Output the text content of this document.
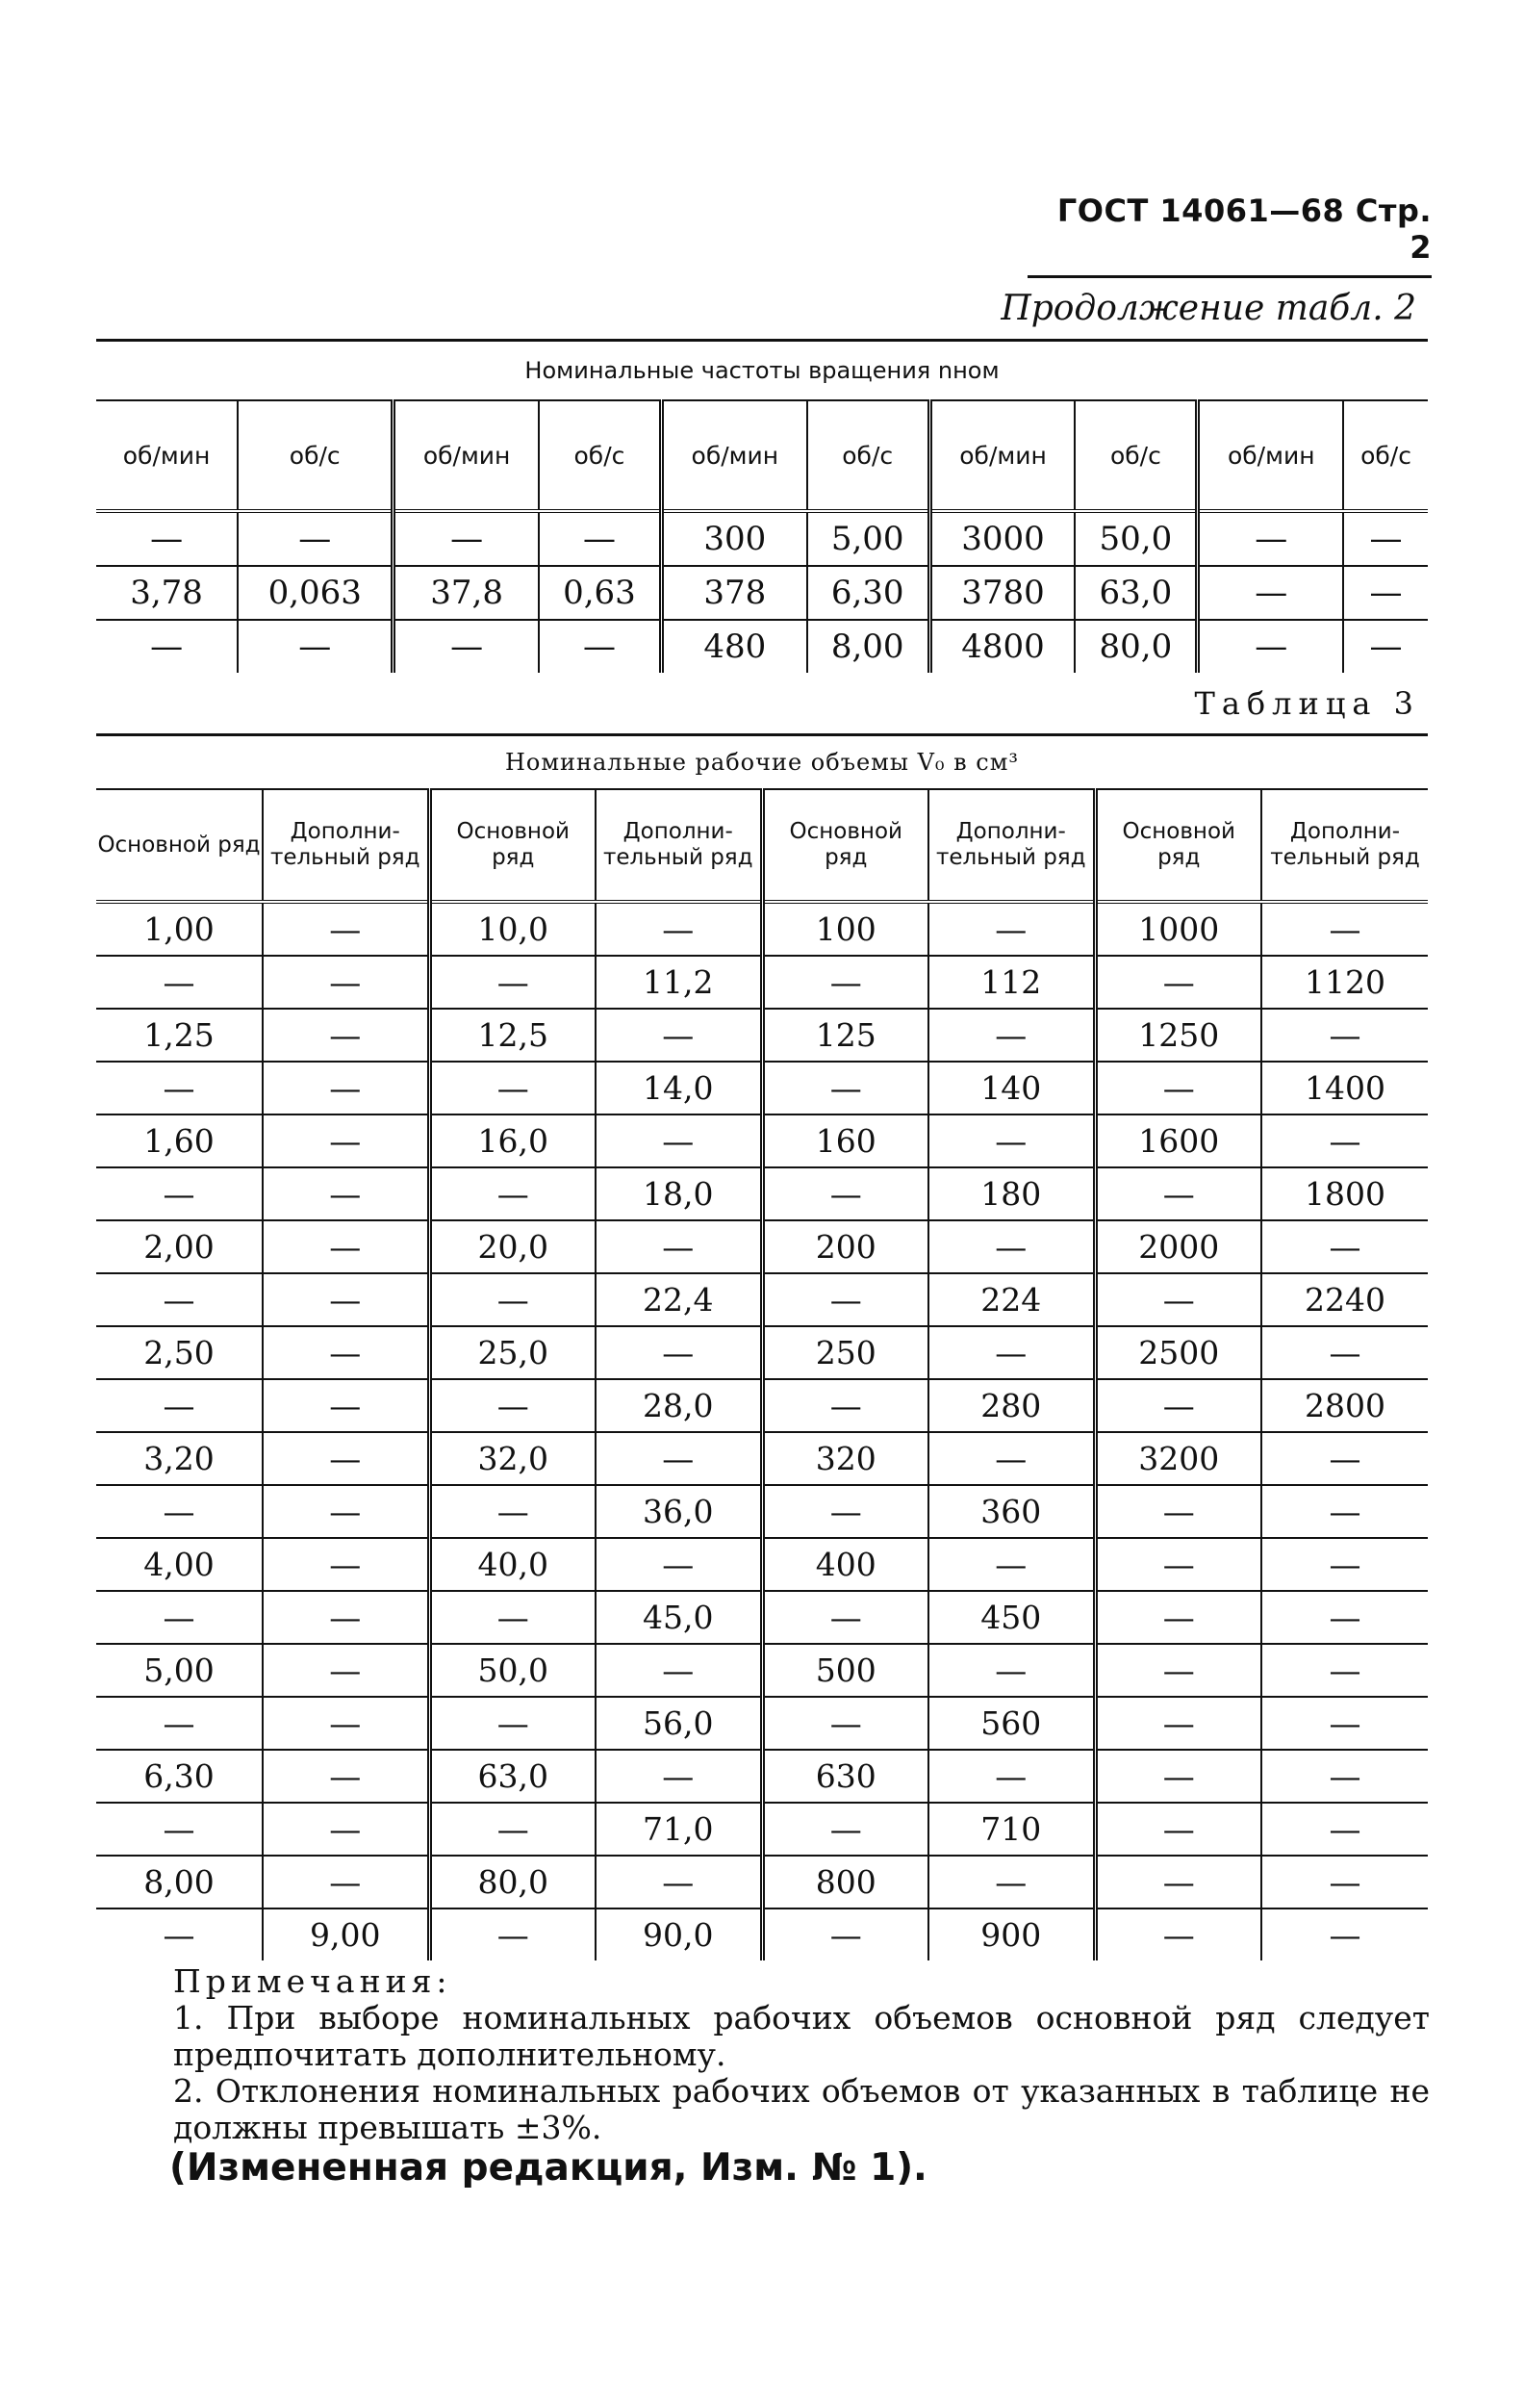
ГОСТ 14061—68 Стр. 2
Продолжение табл. 2
Номинальные частоты вращения nном									
об/мин	об/с	об/мин	об/с	об/мин	об/с	об/мин	об/с	об/мин	об/с
—	—	—	—	300	5,00	3000	50,0	—	—
3,78	0,063	37,8	0,63	378	6,30	3780	63,0	—	—
—	—	—	—	480	8,00	4800	80,0	—	—
Таблица 3
Номинальные рабочие объемы V₀ в см³							
Основной ряд	Дополни-тельный ряд	Основной ряд	Дополни-тельный ряд	Основной ряд	Дополни-тельный ряд	Основной ряд	Дополни-тельный ряд
1,00	—	10,0	—	100	—	1000	—
—	—	—	11,2	—	112	—	1120
1,25	—	12,5	—	125	—	1250	—
—	—	—	14,0	—	140	—	1400
1,60	—	16,0	—	160	—	1600	—
—	—	—	18,0	—	180	—	1800
2,00	—	20,0	—	200	—	2000	—
—	—	—	22,4	—	224	—	2240
2,50	—	25,0	—	250	—	2500	—
—	—	—	28,0	—	280	—	2800
3,20	—	32,0	—	320	—	3200	—
—	—	—	36,0	—	360	—	—
4,00	—	40,0	—	400	—	—	—
—	—	—	45,0	—	450	—	—
5,00	—	50,0	—	500	—	—	—
—	—	—	56,0	—	560	—	—
6,30	—	63,0	—	630	—	—	—
—	—	—	71,0	—	710	—	—
8,00	—	80,0	—	800	—	—	—
—	9,00	—	90,0	—	900	—	—

Примечания:

1. При выборе номинальных рабочих объемов основной ряд следует предпочитать дополнительному.

2. Отклонения номинальных рабочих объемов от указанных в таблице не должны превышать ±3%.

(Измененная редакция, Изм. № 1).
